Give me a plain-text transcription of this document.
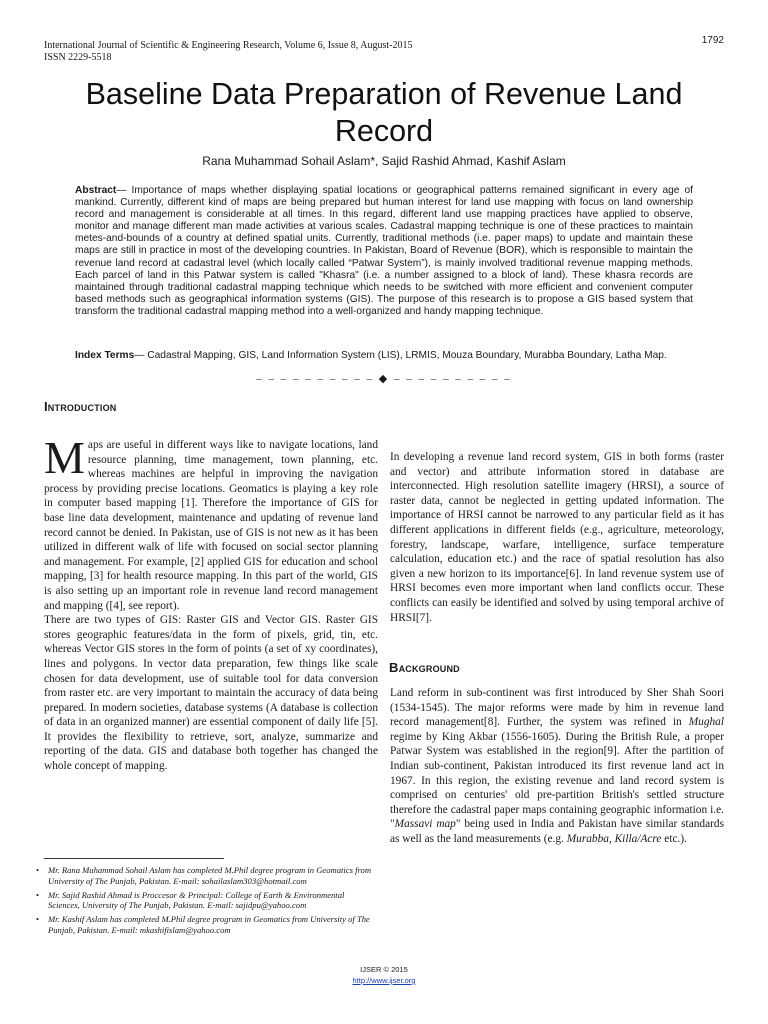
International Journal of Scientific & Engineering Research, Volume 6, Issue 8, August-2015
ISSN 2229-5518
1792
Baseline Data Preparation of Revenue Land Record
Rana Muhammad Sohail Aslam*, Sajid Rashid Ahmad, Kashif Aslam
Abstract— Importance of maps whether displaying spatial locations or geographical patterns remained significant in every age of mankind. Currently, different kind of maps are being prepared but human interest for land use mapping with focus on land ownership record and management is considerable at all times. In this regard, different land use mapping practices have applied to observe, monitor and manage different man made activities at various scales. Cadastral mapping technique is one of these practices to maintain metes-and-bounds of a country at defined spatial units. Currently, traditional methods (i.e. paper maps) to update and maintain these maps are still in practice in most of the developing countries. In Pakistan, Board of Revenue (BOR), which is responsible to maintain the revenue land record at cadastral level (which locally called “Patwar System”), is mainly involved traditional revenue mapping methods. Each parcel of land in this Patwar system is called "Khasra" (i.e. a number assigned to a block of land). These khasra records are maintained through traditional cadastral mapping technique which needs to be switched with more efficient and convenient computer based methods such as geographical information systems (GIS). The purpose of this research is to propose a GIS based system that transform the traditional cadastral mapping method into a well-organized and handy mapping technique.
Index Terms— Cadastral Mapping, GIS, Land Information System (LIS), LRMIS, Mouza Boundary, Murabba Boundary, Latha Map.
– – – – – – – – – – ◆ – – – – – – – – – –
Introduction

Maps are useful in different ways like to navigate locations, land resource planning, time management, town planning, etc. whereas machines are helpful in improving the navigation process by providing precise locations. Geomatics is playing a key role in computer based mapping [1]. Therefore the importance of GIS for base line data development, maintenance and updating of revenue land record cannot be denied. In Pakistan, use of GIS is not new as it has been utilized in different walk of life with focused on social sector planning and management. For example, [2] applied GIS for education and school mapping, [3] for health resource mapping. In this part of the world, GIS is also setting up an important role in revenue land record management and mapping ([4], see report).

There are two types of GIS: Raster GIS and Vector GIS. Raster GIS stores geographic features/data in the form of pixels, grid, tin, etc. whereas Vector GIS stores in the form of points (a set of xy coordinates), lines and polygons. In vector data preparation, few things like scale chosen for data development, use of suitable tool for data conversion from raster etc. are very important to maintain the accuracy of data being prepared. In modern societies, database systems (A database is collection of data in an organized manner) are essential component of daily life [5]. It provides the flexibility to retrieve, sort, analyze, summarize and reporting of the data. GIS and database both together has changed the whole concept of mapping.

In developing a revenue land record system, GIS in both forms (raster and vector) and attribute information stored in database are interconnected. High resolution satellite imagery (HRSI), a source of raster data, cannot be neglected in getting updated information. The importance of HRSI cannot be narrowed to any particular field as it has different applications in different fields (e.g., agriculture, meteorology, forestry, landscape, warfare, intelligence, surface temperature calculation, education etc.) and the race of spatial resolution has also given a new horizon to its importance[6]. In land revenue system use of HRSI becomes even more important when land conflicts occur. These conflicts can easily be identified and solved by using temporal archive of HRSI[7].

Background

Land reform in sub-continent was first introduced by Sher Shah Soori (1534-1545). The major reforms were made by him in revenue land record management[8]. Further, the system was refined in Mughal regime by King Akbar (1556-1605). During the British Rule, a proper Patwar System was established in the region[9]. After the partition of Indian sub-continent, Pakistan introduced its first revenue land act in 1967. In this region, the existing revenue and land record system is comprised on centuries' old pre-partition British's settled structure therefore the cadastral paper maps containing geographic information i.e. "Massavi map" being used in India and Pakistan have similar standards as well as the land measurements (e.g. Murabba, Killa/Acre etc.).

• Mr. Rana Muhammad Sohail Aslam has completed M.Phil degree program in Geomatics from University of The Punjab, Pakistan. E-mail: sohailaslam303@hotmail.com
• Mr. Sajid Rashid Ahmad is Proccesor & Principal: College of Earth & Environmental Sciences, University of The Punjab, Pakistan. E-mail: sajidpu@yahoo.com
• Mr. Kashif Aslam has completed M.Phil degree program in Geomatics from University of The Punjab, Pakistan. E-mail: mkashifislam@yahoo.com
IJSER © 2015
http://www.ijser.org
